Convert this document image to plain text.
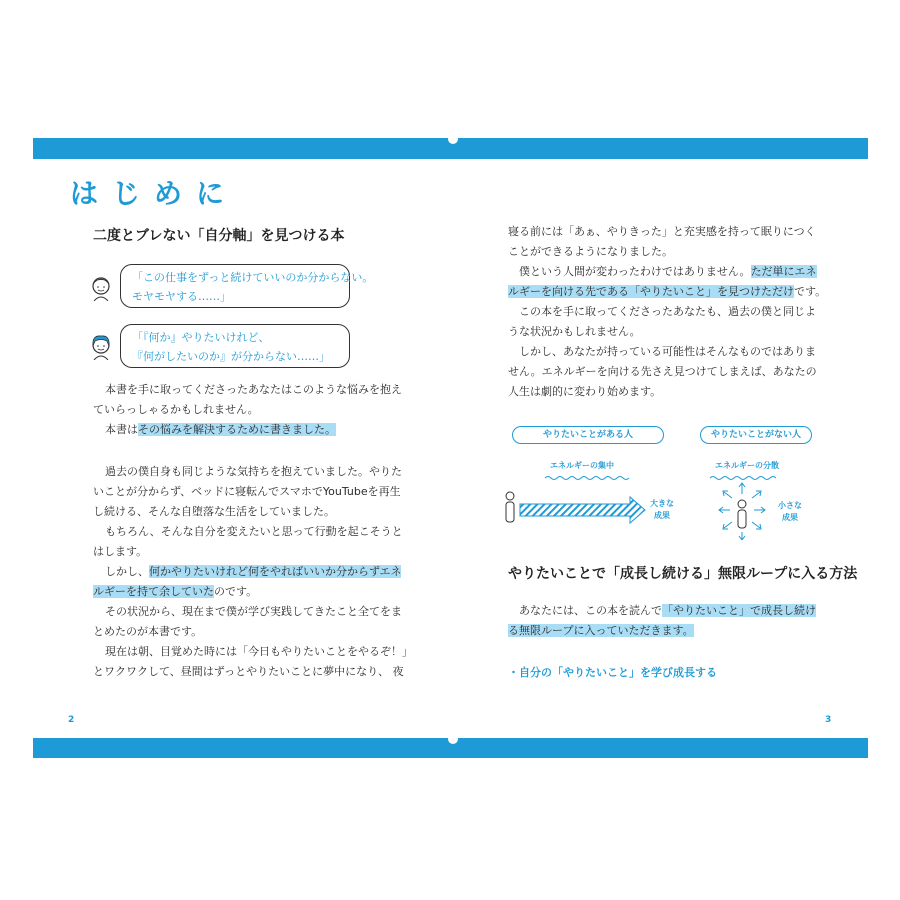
はじめに
二度とブレない「自分軸」を見つける本
「この仕事をずっと続けていいのか分からない。
モヤモヤする……」
「『何か』やりたいけれど、
『何がしたいのか』が分からない……」

本書を手に取ってくださったあなたはこのような悩みを抱え

ていらっしゃるかもしれません。

本書はその悩みを解決するために書きました。

過去の僕自身も同じような気持ちを抱えていました。やりた

いことが分からず、ベッドに寝転んでスマホでYouTubeを再生

し続ける、そんな自堕落な生活をしていました。

もちろん、そんな自分を変えたいと思って行動を起こそうと

はします。

しかし、何かやりたいけれど何をやればいいか分からずエネ

ルギーを持て余していたのです。

その状況から、現在まで僕が学び実践してきたこと全てをま

とめたのが本書です。

現在は朝、目覚めた時には「今日もやりたいことをやるぞ！」

とワクワクして、昼間はずっとやりたいことに夢中になり、 夜

2

寝る前には「あぁ、やりきった」と充実感を持って眠りにつく

ことができるようになりました。

僕という人間が変わったわけではありません。ただ単にエネ

ルギーを向ける先である「やりたいこと」を見つけただけです。

この本を手に取ってくださったあなたも、過去の僕と同じよ

うな状況かもしれません。

しかし、あなたが持っている可能性はそんなものではありま

せん。エネルギーを向ける先さえ見つけてしまえば、あなたの

人生は劇的に変わり始めます。

やりたいことがある人	やりたいことがない人
エネルギーの集中	エネルギーの分散
大きな
成果
小さな
成果
やりたいことで「成長し続ける」無限ループに入る方法

あなたには、この本を読んで「やりたいこと」で成長し続け

る無限ループに入っていただきます。

・自分の「やりたいこと」を学び成長する
3
